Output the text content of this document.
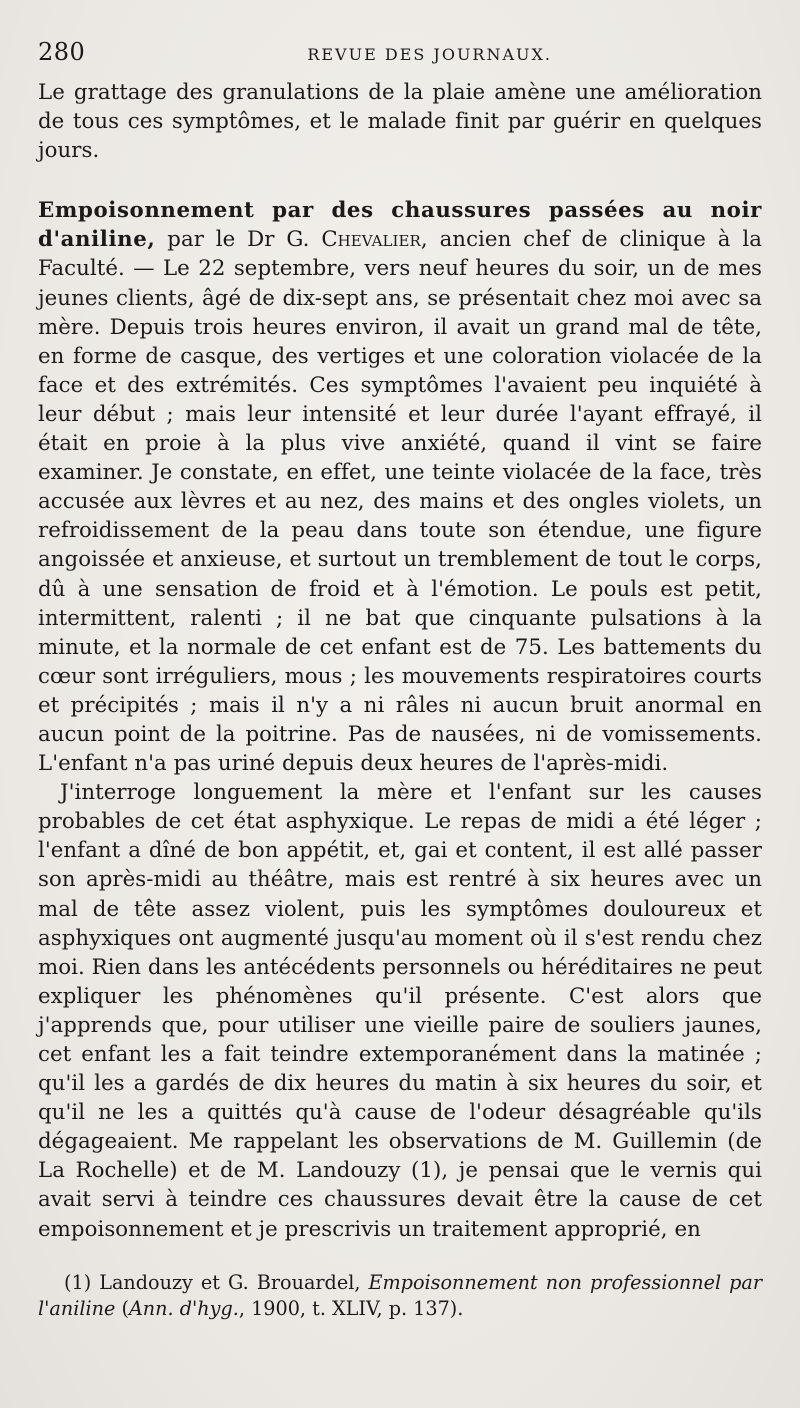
280	REVUE DES JOURNAUX.

Le grattage des granulations de la plaie amène une amélioration de tous ces symptômes, et le malade finit par guérir en quelques jours.

Empoisonnement par des chaussures passées au noir d'aniline, par le Dr G. Chevalier, ancien chef de clinique à la Faculté. — Le 22 septembre, vers neuf heures du soir, un de mes jeunes clients, âgé de dix-sept ans, se présentait chez moi avec sa mère. Depuis trois heures environ, il avait un grand mal de tête, en forme de casque, des vertiges et une coloration violacée de la face et des extrémités. Ces symptômes l'avaient peu inquiété à leur début ; mais leur intensité et leur durée l'ayant effrayé, il était en proie à la plus vive anxiété, quand il vint se faire examiner. Je constate, en effet, une teinte violacée de la face, très accusée aux lèvres et au nez, des mains et des ongles violets, un refroidissement de la peau dans toute son étendue, une figure angoissée et anxieuse, et surtout un tremblement de tout le corps, dû à une sensation de froid et à l'émotion. Le pouls est petit, intermittent, ralenti ; il ne bat que cinquante pulsations à la minute, et la normale de cet enfant est de 75. Les battements du cœur sont irréguliers, mous ; les mouvements respiratoires courts et précipités ; mais il n'y a ni râles ni aucun bruit anormal en aucun point de la poitrine. Pas de nausées, ni de vomissements. L'enfant n'a pas uriné depuis deux heures de l'après-midi.

J'interroge longuement la mère et l'enfant sur les causes probables de cet état asphyxique. Le repas de midi a été léger ; l'enfant a dîné de bon appétit, et, gai et content, il est allé passer son après-midi au théâtre, mais est rentré à six heures avec un mal de tête assez violent, puis les symptômes douloureux et asphyxiques ont augmenté jusqu'au moment où il s'est rendu chez moi. Rien dans les antécédents personnels ou héréditaires ne peut expliquer les phénomènes qu'il présente. C'est alors que j'apprends que, pour utiliser une vieille paire de souliers jaunes, cet enfant les a fait teindre extemporanément dans la matinée ; qu'il les a gardés de dix heures du matin à six heures du soir, et qu'il ne les a quittés qu'à cause de l'odeur désagréable qu'ils dégageaient. Me rappelant les observations de M. Guillemin (de La Rochelle) et de M. Landouzy (1), je pensai que le vernis qui avait servi à teindre ces chaussures devait être la cause de cet empoisonnement et je prescrivis un traitement approprié, en

(1) Landouzy et G. Brouardel, Empoisonnement non professionnel par l'aniline (Ann. d'hyg., 1900, t. XLIV, p. 137).
